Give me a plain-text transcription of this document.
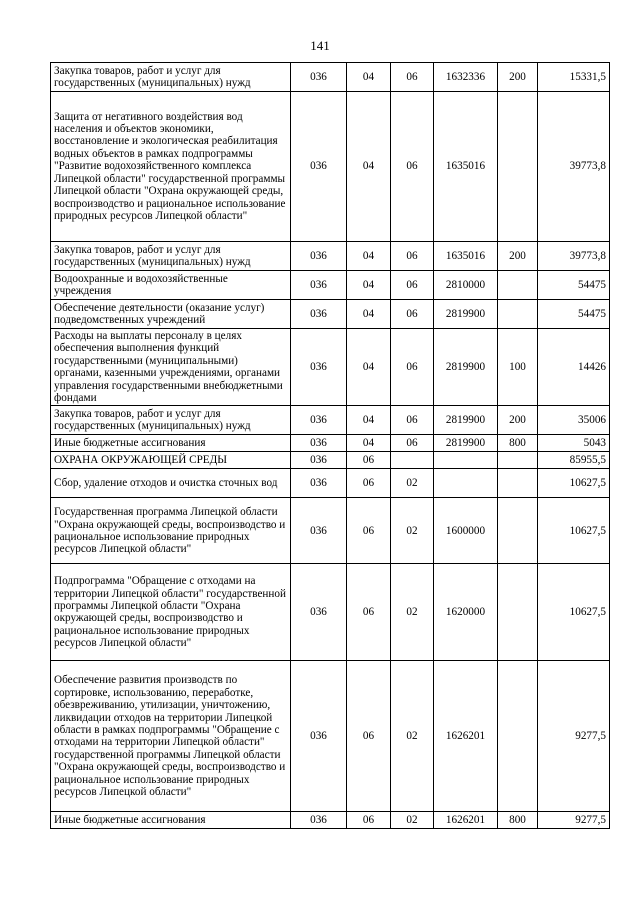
141
Закупка товаров, работ и услуг для государственных (муниципальных) нужд	036	04	06	1632336	200	15331,5
Защита от негативного воздействия вод населения и объектов экономики, восстановление и экологическая реабилитация водных объектов в рамках подпрограммы "Развитие водохозяйственного комплекса Липецкой области" государственной программы Липецкой области "Охрана окружающей среды, воспроизводство и рациональное использование природных ресурсов Липецкой области"	036	04	06	1635016		39773,8
Закупка товаров, работ и услуг для государственных (муниципальных) нужд	036	04	06	1635016	200	39773,8
Водоохранные и водохозяйственные учреждения	036	04	06	2810000		54475
Обеспечение деятельности (оказание услуг) подведомственных учреждений	036	04	06	2819900		54475
Расходы на выплаты персоналу в целях обеспечения выполнения функций государственными (муниципальными) органами, казенными учреждениями, органами управления государственными внебюджетными фондами	036	04	06	2819900	100	14426
Закупка товаров, работ и услуг для государственных (муниципальных) нужд	036	04	06	2819900	200	35006
Иные бюджетные ассигнования	036	04	06	2819900	800	5043
ОХРАНА ОКРУЖАЮЩЕЙ СРЕДЫ	036	06				85955,5
Сбор, удаление отходов и очистка сточных вод	036	06	02			10627,5
Государственная программа Липецкой области "Охрана окружающей среды, воспроизводство и рациональное использование природных ресурсов Липецкой области"	036	06	02	1600000		10627,5
Подпрограмма "Обращение с отходами на территории Липецкой области" государственной программы Липецкой области "Охрана окружающей среды, воспроизводство и рациональное использование природных ресурсов Липецкой области"	036	06	02	1620000		10627,5
Обеспечение развития производств по сортировке, использованию, переработке, обезвреживанию, утилизации, уничтожению, ликвидации отходов на территории Липецкой области в рамках подпрограммы "Обращение с отходами на территории Липецкой области" государственной программы Липецкой области "Охрана окружающей среды, воспроизводство и рациональное использование природных ресурсов Липецкой области"	036	06	02	1626201		9277,5
Иные бюджетные ассигнования	036	06	02	1626201	800	9277,5
